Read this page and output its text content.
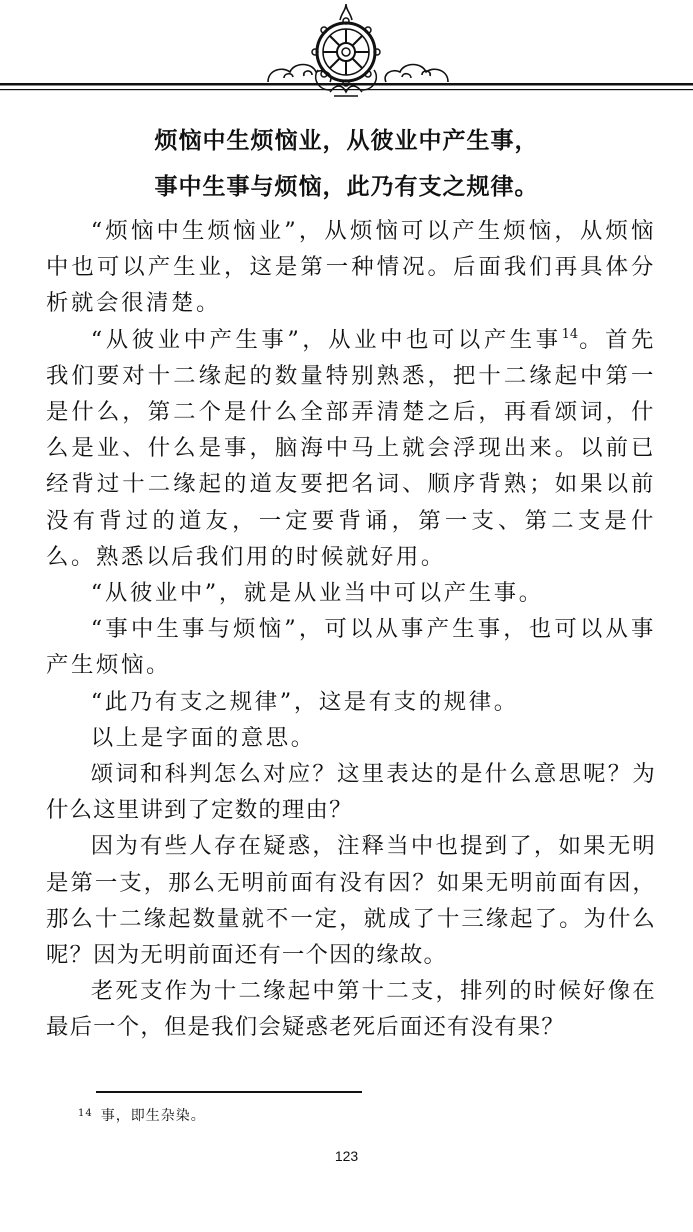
烦恼中生烦恼业，从彼业中产生事，
事中生事与烦恼，此乃有支之规律。

“烦恼中生烦恼业”，从烦恼可以产生烦恼，从烦恼中也可以产生业，这是第一种情况。后面我们再具体分析就会很清楚。

“从彼业中产生事”，从业中也可以产生事$^{14}$。首先我们要对十二缘起的数量特别熟悉，把十二缘起中第一是什么，第二个是什么全部弄清楚之后，再看颂词，什么是业、什么是事，脑海中马上就会浮现出来。以前已经背过十二缘起的道友要把名词、顺序背熟；如果以前没有背过的道友，一定要背诵，第一支、第二支是什么。熟悉以后我们用的时候就好用。

“从彼业中”，就是从业当中可以产生事。

“事中生事与烦恼”，可以从事产生事，也可以从事产生烦恼。

“此乃有支之规律”，这是有支的规律。

以上是字面的意思。

颂词和科判怎么对应？这里表达的是什么意思呢？为什么这里讲到了定数的理由？

因为有些人存在疑惑，注释当中也提到了，如果无明是第一支，那么无明前面有没有因？如果无明前面有因，那么十二缘起数量就不一定，就成了十三缘起了。为什么呢？因为无明前面还有一个因的缘故。

老死支作为十二缘起中第十二支，排列的时候好像在最后一个，但是我们会疑惑老死后面还有没有果？

$^{14}$ 事，即生杂染。
123
